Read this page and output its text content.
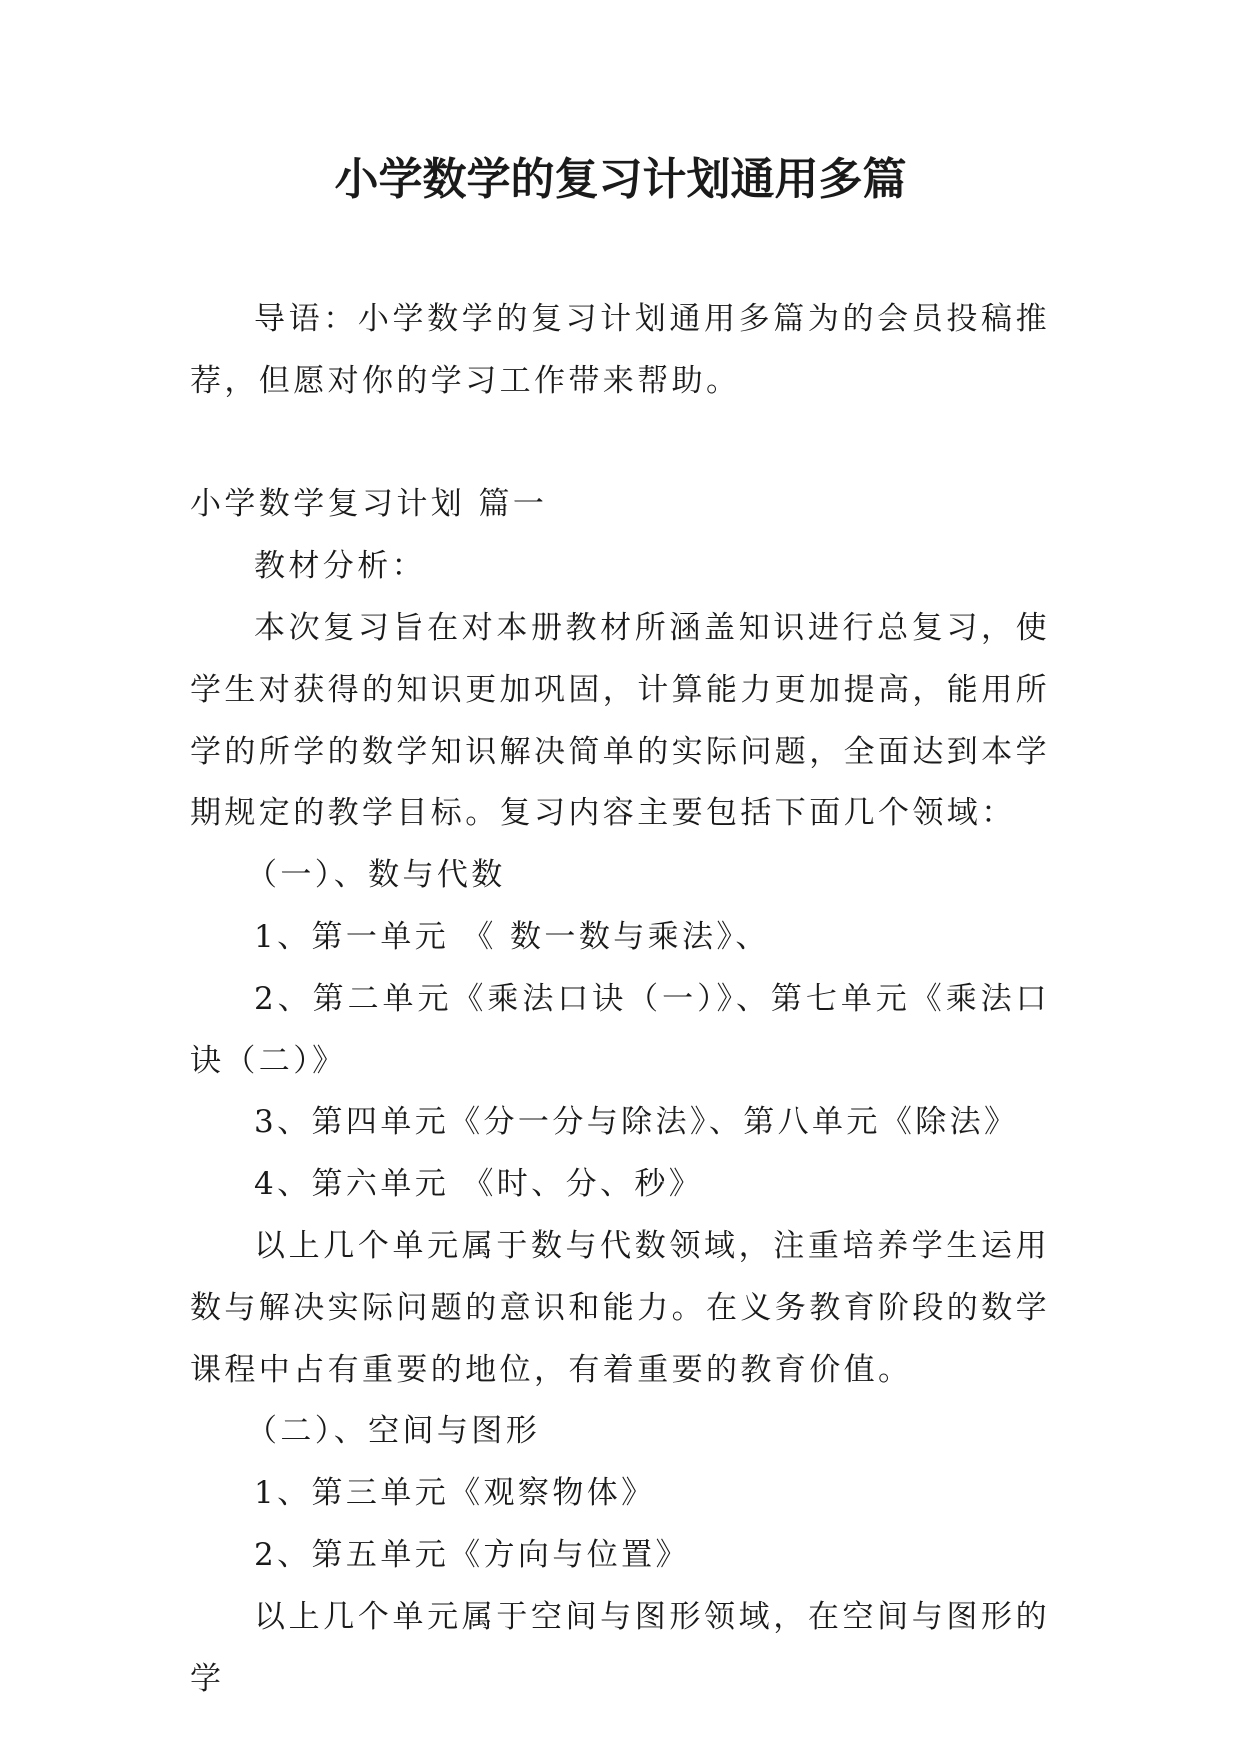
小学数学的复习计划通用多篇

导语：小学数学的复习计划通用多篇为的会员投稿推荐，但愿对你的学习工作带来帮助。

小学数学复习计划 篇一

教材分析：

本次复习旨在对本册教材所涵盖知识进行总复习，使学生对获得的知识更加巩固，计算能力更加提高，能用所学的所学的数学知识解决简单的实际问题，全面达到本学期规定的教学目标。复习内容主要包括下面几个领域：

（一）、数与代数

1、第一单元 《 数一数与乘法》、

2、第二单元《乘法口诀（一）》、第七单元《乘法口诀（二）》

3、第四单元《分一分与除法》、第八单元《除法》

4、第六单元 《时、分、秒》

以上几个单元属于数与代数领域，注重培养学生运用数与解决实际问题的意识和能力。在义务教育阶段的数学课程中占有重要的地位，有着重要的教育价值。

（二）、空间与图形

1、第三单元《观察物体》

2、第五单元《方向与位置》

以上几个单元属于空间与图形领域，在空间与图形的学
